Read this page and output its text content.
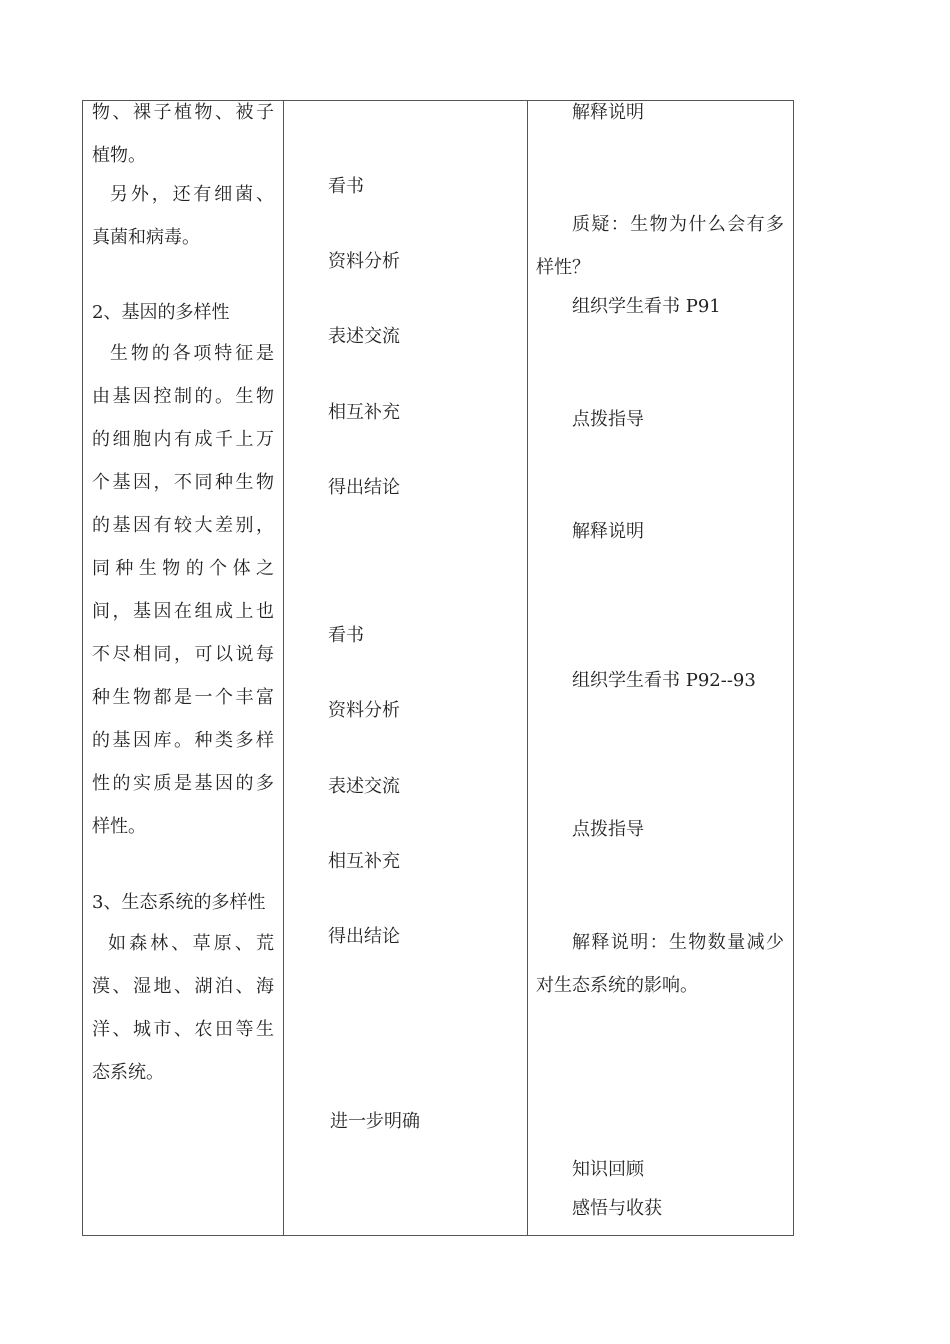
物、裸子植物、被子
植物。
另外，还有细菌、
真菌和病毒。
2、基因的多样性
生物的各项特征是
由基因控制的。生物
的细胞内有成千上万
个基因，不同种生物
的基因有较大差别，
同种生物的个体之
间，基因在组成上也
不尽相同，可以说每
种生物都是一个丰富
的基因库。种类多样
性的实质是基因的多
样性。
3、生态系统的多样性
如森林、草原、荒
漠、湿地、湖泊、海
洋、城市、农田等生
态系统。
看书
资料分析
表述交流
相互补充
得出结论
看书
资料分析
表述交流
相互补充
得出结论
进一步明确
解释说明
质疑：生物为什么会有多
样性？
组织学生看书 P91
点拨指导
解释说明
组织学生看书 P92--93
点拨指导
解释说明：生物数量减少
对生态系统的影响。
知识回顾
感悟与收获
